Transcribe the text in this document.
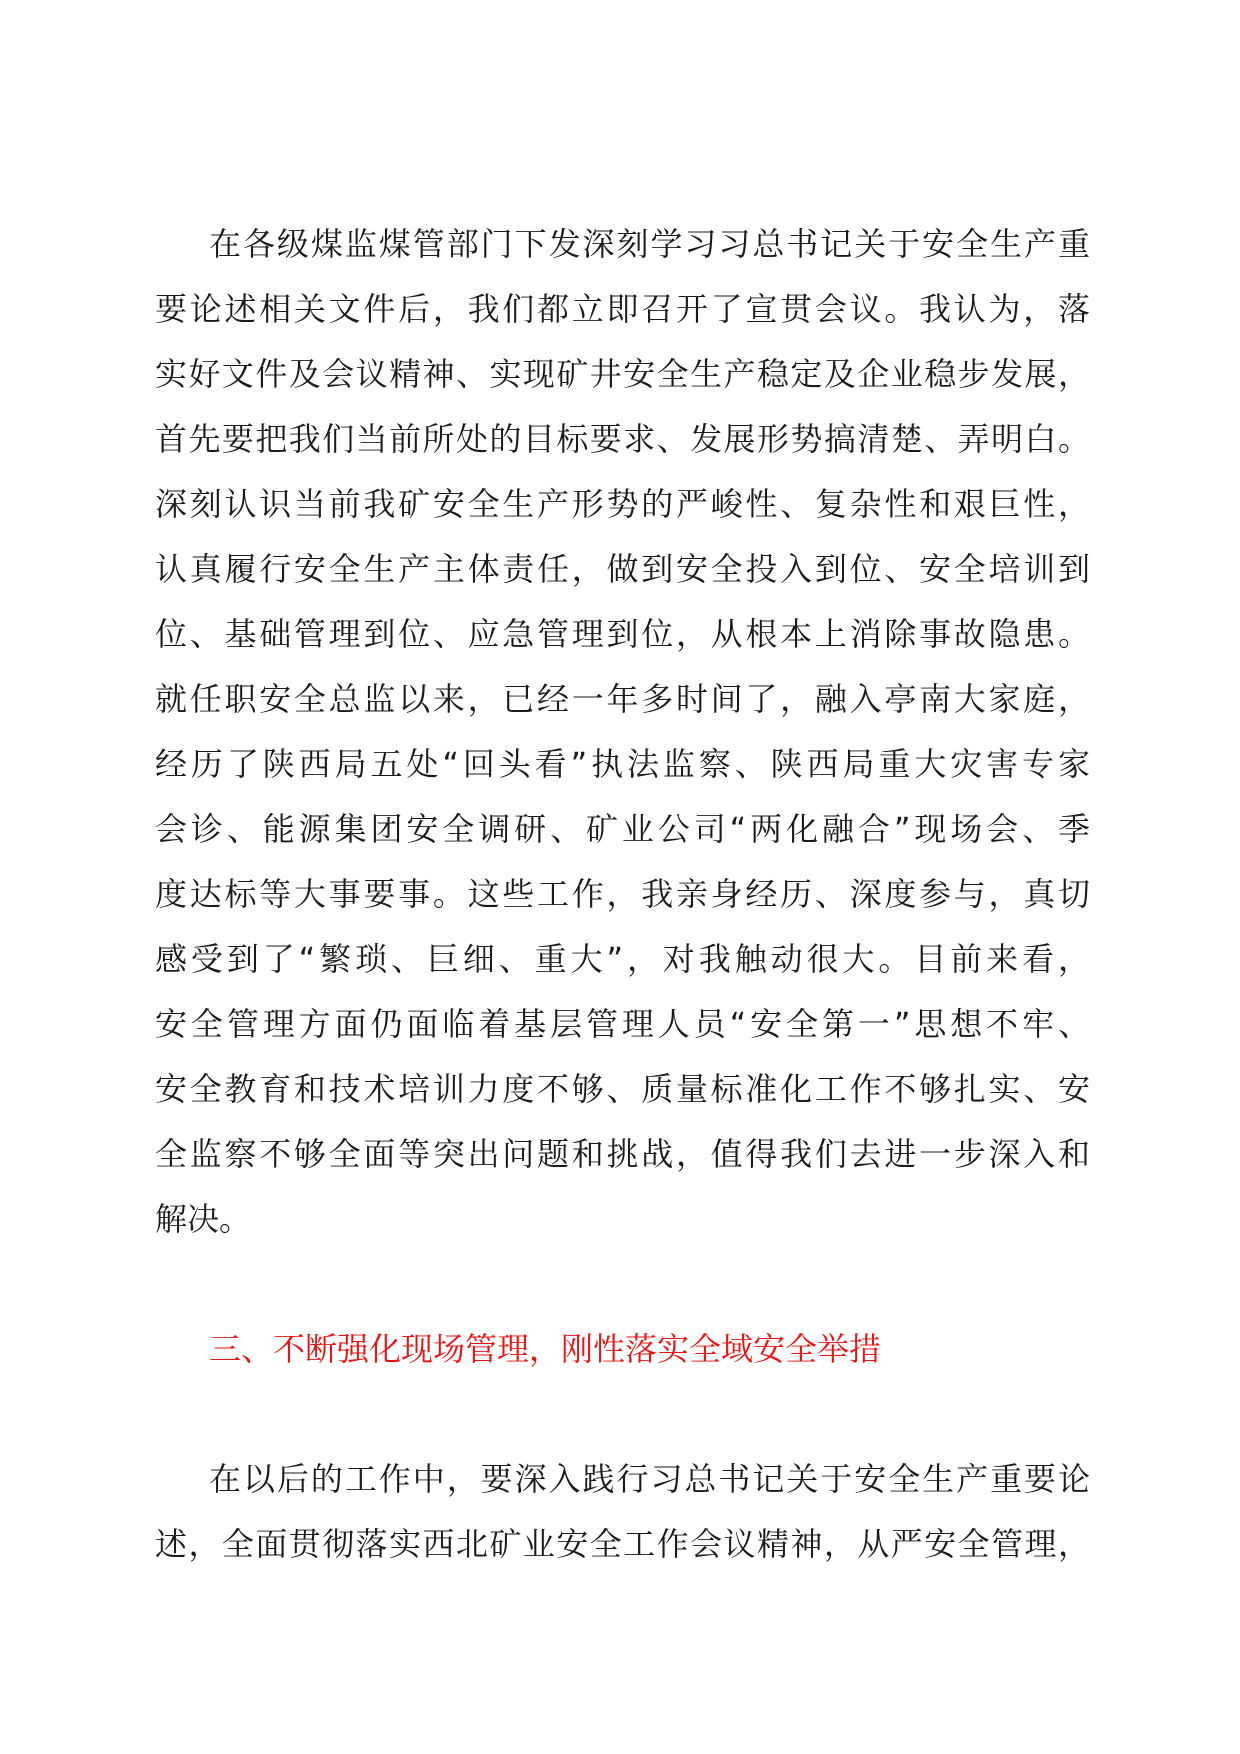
在各级煤监煤管部门下发深刻学习习总书记关于安全生产重
要论述相关文件后，我们都立即召开了宣贯会议。我认为，落
实好文件及会议精神、实现矿井安全生产稳定及企业稳步发展，
首先要把我们当前所处的目标要求、发展形势搞清楚、弄明白。
深刻认识当前我矿安全生产形势的严峻性、复杂性和艰巨性，
认真履行安全生产主体责任，做到安全投入到位、安全培训到
位、基础管理到位、应急管理到位，从根本上消除事故隐患。
就任职安全总监以来，已经一年多时间了，融入亭南大家庭，
经历了陕西局五处“回头看”执法监察、陕西局重大灾害专家
会诊、能源集团安全调研、矿业公司“两化融合”现场会、季
度达标等大事要事。这些工作，我亲身经历、深度参与，真切
感受到了“繁琐、巨细、重大”，对我触动很大。目前来看，
安全管理方面仍面临着基层管理人员“安全第一”思想不牢、
安全教育和技术培训力度不够、质量标准化工作不够扎实、安
全监察不够全面等突出问题和挑战，值得我们去进一步深入和
解决。
三、不断强化现场管理，刚性落实全域安全举措
在以后的工作中，要深入践行习总书记关于安全生产重要论
述，全面贯彻落实西北矿业安全工作会议精神，从严安全管理，
